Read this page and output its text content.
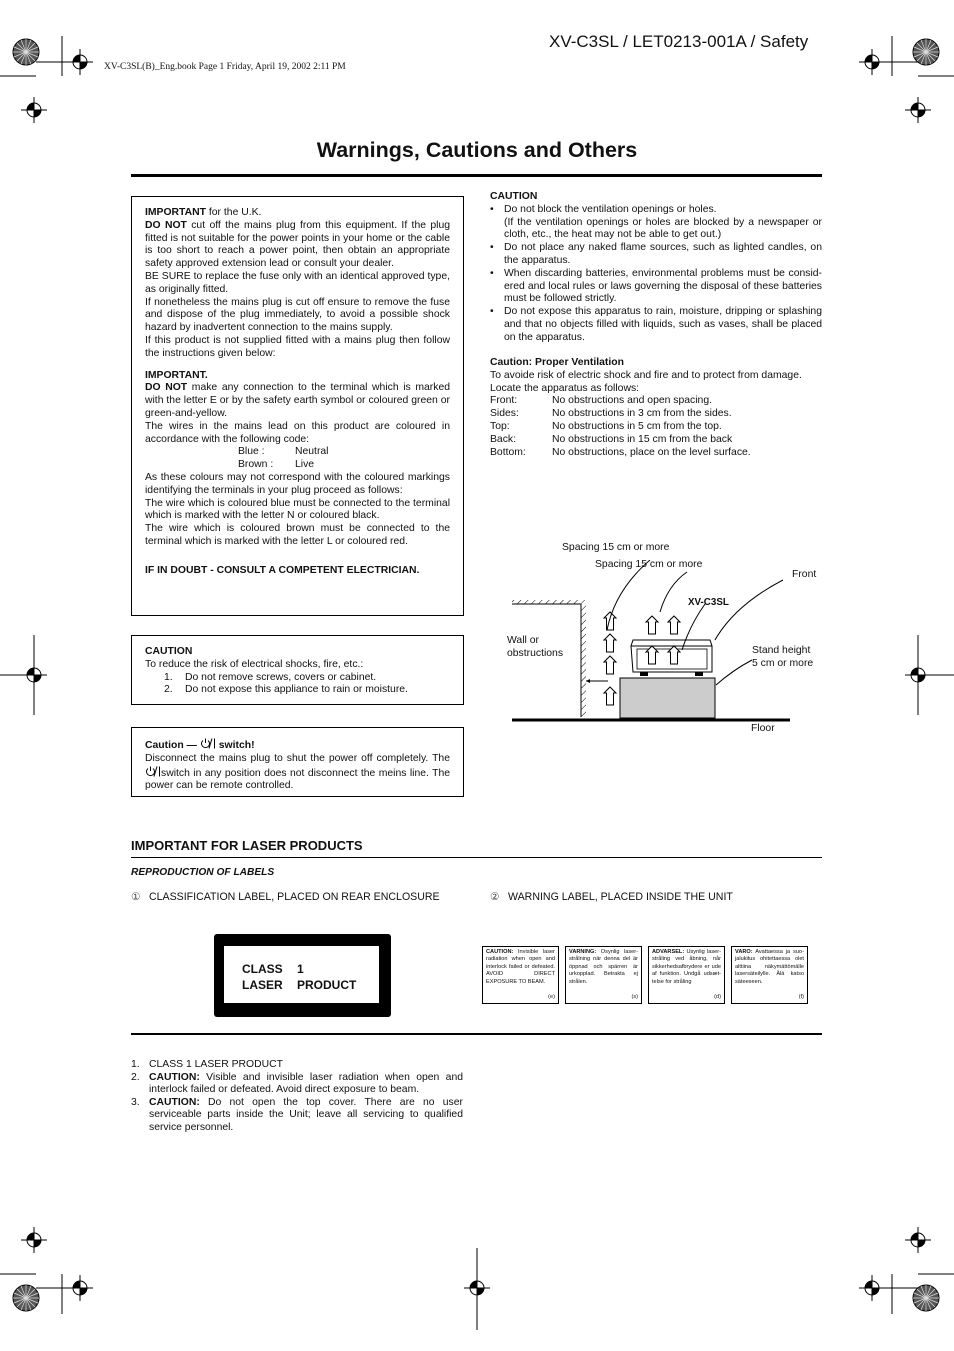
XV-C3SL / LET0213-001A / Safety
XV-C3SL(B)_Eng.book Page 1 Friday, April 19, 2002 2:11 PM
Warnings, Cautions and Others

IMPORTANT for the U.K.

DO NOT cut off the mains plug from this equipment. If the plug fitted is not suitable for the power points in your home or the cable is too short to reach a power point, then obtain an appropriate safety approved extension lead or consult your dealer.

BE SURE to replace the fuse only with an identical approved type, as originally fitted.

If nonetheless the mains plug is cut off ensure to remove the fuse and dispose of the plug immediately, to avoid a possible shock hazard by inadvertent connection to the mains supply.

If this product is not supplied fitted with a mains plug then follow the instructions given below:

IMPORTANT.

DO NOT make any connection to the terminal which is marked with the letter E or by the safety earth symbol or coloured green or green-and-yellow.

The wires in the mains lead on this product are coloured in accordance with the following code:

Blue :	Neutral

Brown : Live

As these colours may not correspond with the coloured markings identifying the terminals in your plug proceed as follows:

The wire which is coloured blue must be connected to the terminal which is marked with the letter N or coloured black.

The wire which is coloured brown must be connected to the terminal which is marked with the letter L or coloured red.

IF IN DOUBT - CONSULT A COMPETENT ELECTRICIAN.

CAUTION

To reduce the risk of electrical shocks, fire, etc.:

1. Do not remove screws, covers or cabinet.

2. Do not expose this appliance to rain or moisture.

Caution — switch!

Disconnect the mains plug to shut the power off completely. The switch in any position does not disconnect the meins line. The power can be remote controlled.

CAUTION

• Do not block the ventilation openings or holes.
(If the ventilation openings or holes are blocked by a newspaper or cloth, etc., the heat may not be able to get out.)
• Do not place any naked flame sources, such as lighted candles, on the apparatus.
• When discarding batteries, environmental problems must be consid-ered and local rules or laws governing the disposal of these batteries must be followed strictly.
• Do not expose this apparatus to rain, moisture, dripping or splashing and that no objects filled with liquids, such as vases, shall be placed on the apparatus.

Caution: Proper Ventilation

To avoide risk of electric shock and fire and to protect from damage.

Locate the apparatus as follows:

Front:	No obstructions and open spacing.
Sides:	No obstructions in 3 cm from the sides.
Top:	No obstructions in 5 cm from the top.
Back:	No obstructions in 15 cm from the back
Bottom:	No obstructions, place on the level surface.
Spacing 15 cm or more
Spacing 15 cm or more
Front
XV-C3SL
Wall or
obstructions	Stand height
5 cm or more
Floor
IMPORTANT FOR LASER PRODUCTS
REPRODUCTION OF LABELS
① CLASSIFICATION LABEL, PLACED ON REAR ENCLOSURE	② WARNING LABEL, PLACED INSIDE THE UNIT
CLASS 1
LASER PRODUCT
CAUTION: Invisible laser radiation when open and interlock failed or defeated. AVOID DIRECT EXPOSURE TO BEAM.
(e)
VARNING: Osynlig laser-strålning när denna del är öppnad och spärren är urkopplad. Betrakta ej strålen.
(s)
ADVARSEL: Usynlig laser-stråling ved åbning, når sikkerhedsafbrydere er ude af funktion. Undgå udsæt-telse for stråling
(d)
VARO: Avattaessa ja suo-jalukitus ohitettaessa olet alttiina näkymättömälle lasersäteilylle. Älä katso säteeseen.
(f)
1. CLASS 1 LASER PRODUCT
2. CAUTION: Visible and invisible laser radiation when open and interlock failed or defeated. Avoid direct exposure to beam.
3. CAUTION: Do not open the top cover. There are no user serviceable parts inside the Unit; leave all servicing to qualified service personnel.
